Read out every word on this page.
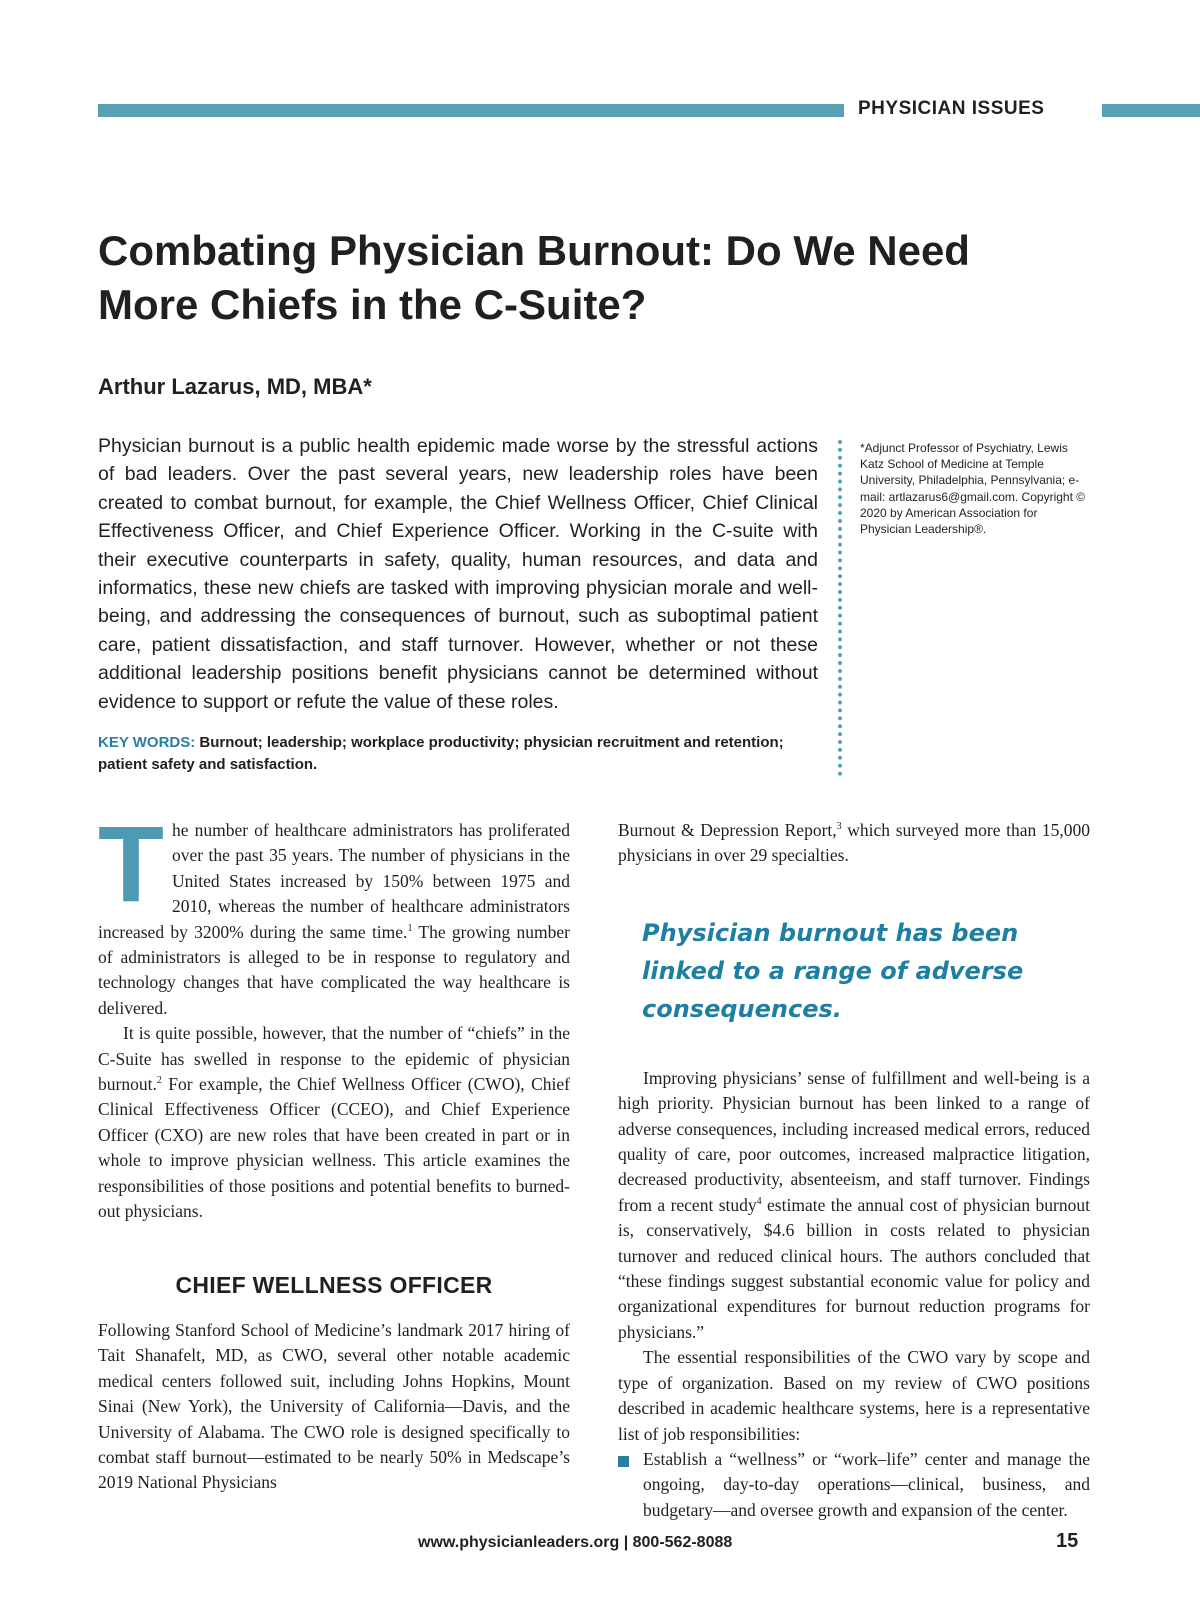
PHYSICIAN ISSUES
Combating Physician Burnout: Do We Need More Chiefs in the C-Suite?
Arthur Lazarus, MD, MBA*

Physician burnout is a public health epidemic made worse by the stressful actions of bad leaders. Over the past several years, new leadership roles have been created to combat burnout, for example, the Chief Wellness Officer, Chief Clinical Effectiveness Officer, and Chief Experience Officer. Working in the C-suite with their executive counterparts in safety, quality, human resources, and data and informatics, these new chiefs are tasked with improving physician morale and well-being, and addressing the consequences of burnout, such as suboptimal patient care, patient dissatisfaction, and staff turnover. However, whether or not these additional leadership positions benefit physicians cannot be determined without evidence to support or refute the value of these roles.

KEY WORDS: Burnout; leadership; workplace productivity; physician recruitment and retention; patient safety and satisfaction.

*Adjunct Professor of Psychiatry, Lewis Katz School of Medicine at Temple University, Philadelphia, Pennsylvania; e-mail: artlazarus6@gmail.com. Copyright © 2020 by American Association for Physician Leadership®.

The number of healthcare administrators has proliferated over the past 35 years. The number of physicians in the United States increased by 150% between 1975 and 2010, whereas the number of healthcare administrators increased by 3200% during the same time.$^1$ The growing number of administrators is alleged to be in response to regulatory and technology changes that have complicated the way healthcare is delivered.

It is quite possible, however, that the number of “chiefs” in the C-Suite has swelled in response to the epidemic of physician burnout.$^2$ For example, the Chief Wellness Officer (CWO), Chief Clinical Effectiveness Officer (CCEO), and Chief Experience Officer (CXO) are new roles that have been created in part or in whole to improve physician wellness. This article examines the responsibilities of those positions and potential benefits to burned-out physicians.

CHIEF WELLNESS OFFICER

Following Stanford School of Medicine’s landmark 2017 hiring of Tait Shanafelt, MD, as CWO, several other notable academic medical centers followed suit, including Johns Hopkins, Mount Sinai (New York), the University of California—Davis, and the University of Alabama. The CWO role is designed specifically to combat staff burnout—estimated to be nearly 50% in Medscape’s 2019 National Physicians

Burnout & Depression Report,$^3$ which surveyed more than 15,000 physicians in over 29 specialties.

Physician burnout has been linked to a range of adverse consequences.

Improving physicians’ sense of fulfillment and well-being is a high priority. Physician burnout has been linked to a range of adverse consequences, including increased medical errors, reduced quality of care, poor outcomes, increased malpractice litigation, decreased productivity, absenteeism, and staff turnover. Findings from a recent study$^4$ estimate the annual cost of physician burnout is, conservatively, $4.6 billion in costs related to physician turnover and reduced clinical hours. The authors concluded that “these findings suggest substantial economic value for policy and organizational expenditures for burnout reduction programs for physicians.”

The essential responsibilities of the CWO vary by scope and type of organization. Based on my review of CWO positions described in academic healthcare systems, here is a representative list of job responsibilities:

Establish a “wellness” or “work–life” center and manage the ongoing, day-to-day operations—clinical, business, and budgetary—and oversee growth and expansion of the center.
www.physicianleaders.org | 800-562-8088	15
